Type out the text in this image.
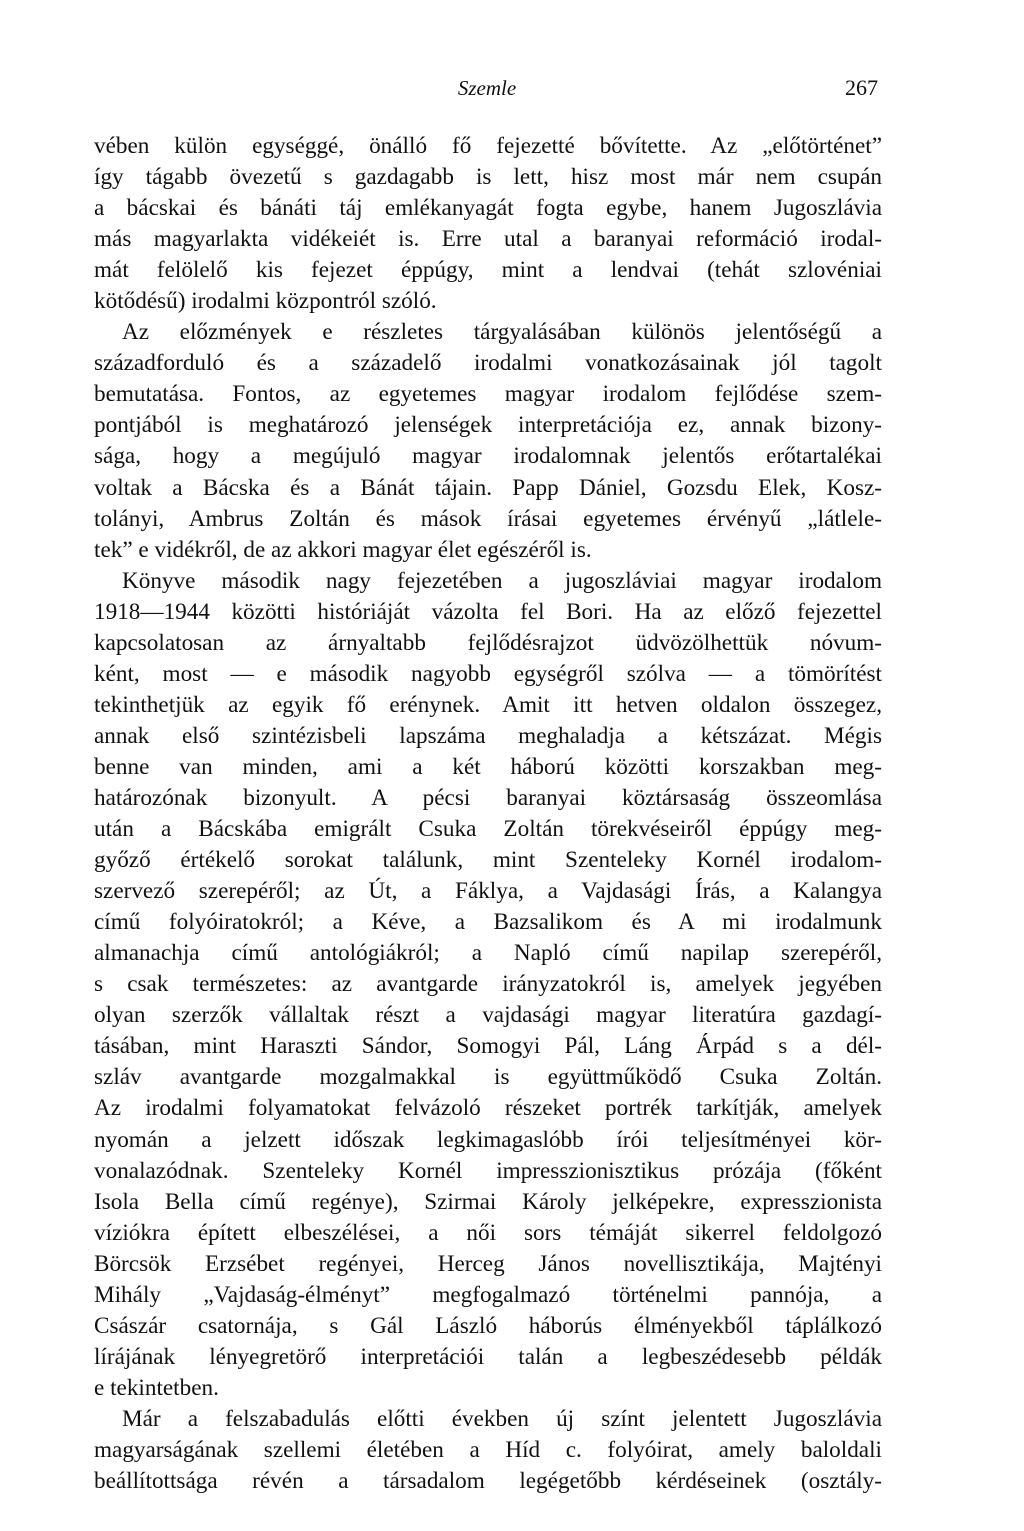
Szemle	267
vében külön egységgé, önálló fő fejezetté bővítette. Az „előtörténet”
így tágabb övezetű s gazdagabb is lett, hisz most már nem csupán
a bácskai és bánáti táj emlékanyagát fogta egybe, hanem Jugoszlávia
más magyarlakta vidékeiét is. Erre utal a baranyai reformáció irodal-
mát felölelő kis fejezet éppúgy, mint a lendvai (tehát szlovéniai
kötődésű) irodalmi központról szóló.
Az előzmények e részletes tárgyalásában különös jelentőségű a
századforduló és a századelő irodalmi vonatkozásainak jól tagolt
bemutatása. Fontos, az egyetemes magyar irodalom fejlődése szem-
pontjából is meghatározó jelenségek interpretációja ez, annak bizony-
sága, hogy a megújuló magyar irodalomnak jelentős erőtartalékai
voltak a Bácska és a Bánát tájain. Papp Dániel, Gozsdu Elek, Kosz-
tolányi, Ambrus Zoltán és mások írásai egyetemes érvényű „látlele-
tek” e vidékről, de az akkori magyar élet egészéről is.
Könyve második nagy fejezetében a jugoszláviai magyar irodalom
1918—1944 közötti históriáját vázolta fel Bori. Ha az előző fejezettel
kapcsolatosan az árnyaltabb fejlődésrajzot üdvözölhettük nóvum-
ként, most — e második nagyobb egységről szólva — a tömörítést
tekinthetjük az egyik fő erénynek. Amit itt hetven oldalon összegez,
annak első szintézisbeli lapszáma meghaladja a kétszázat. Mégis
benne van minden, ami a két háború közötti korszakban meg-
határozónak bizonyult. A pécsi baranyai köztársaság összeomlása
után a Bácskába emigrált Csuka Zoltán törekvéseiről éppúgy meg-
győző értékelő sorokat találunk, mint Szenteleky Kornél irodalom-
szervező szerepéről; az Út, a Fáklya, a Vajdasági Írás, a Kalangya
című folyóiratokról; a Kéve, a Bazsalikom és A mi irodalmunk
almanachja című antológiákról; a Napló című napilap szerepéről,
s csak természetes: az avantgarde irányzatokról is, amelyek jegyében
olyan szerzők vállaltak részt a vajdasági magyar literatúra gazdagí-
tásában, mint Haraszti Sándor, Somogyi Pál, Láng Árpád s a dél-
szláv avantgarde mozgalmakkal is együttműködő Csuka Zoltán.
Az irodalmi folyamatokat felvázoló részeket portrék tarkítják, amelyek
nyomán a jelzett időszak legkimagaslóbb írói teljesítményei kör-
vonalazódnak. Szenteleky Kornél impresszionisztikus prózája (főként
Isola Bella című regénye), Szirmai Károly jelképekre, expresszionista
víziókra épített elbeszélései, a női sors témáját sikerrel feldolgozó
Börcsök Erzsébet regényei, Herceg János novellisztikája, Majtényi
Mihály „Vajdaság-élményt” megfogalmazó történelmi pannója, a
Császár csatornája, s Gál László háborús élményekből táplálkozó
lírájának lényegretörő interpretációi talán a legbeszédesebb példák
e tekintetben.
Már a felszabadulás előtti években új színt jelentett Jugoszlávia
magyarságának szellemi életében a Híd c. folyóirat, amely baloldali
beállítottsága révén a társadalom legégetőbb kérdéseinek (osztály-
